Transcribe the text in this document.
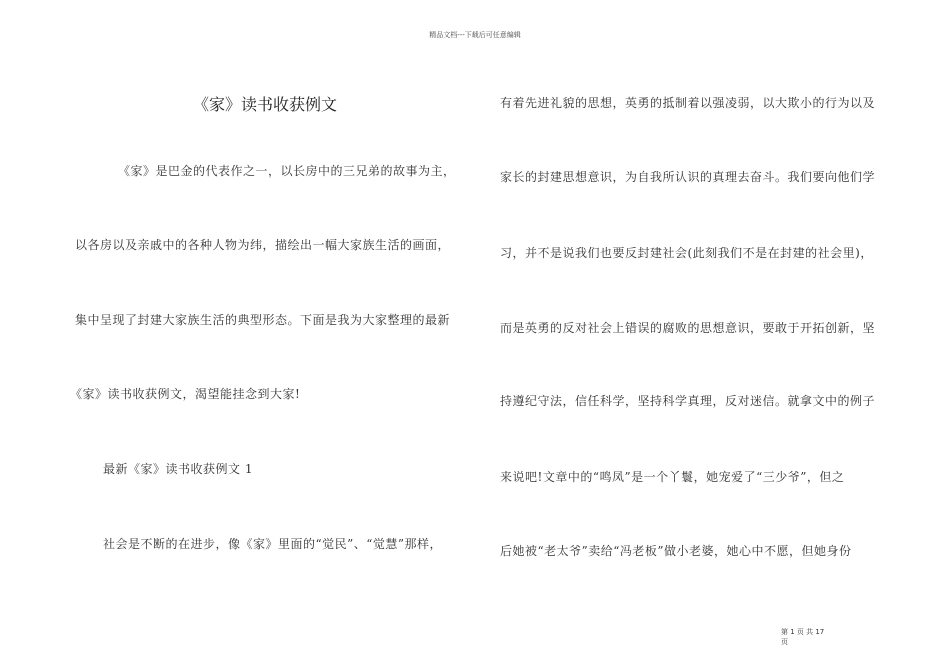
精品文档---下载后可任意编辑
《家》读书收获例文
《家》是巴金的代表作之一，以长房中的三兄弟的故事为主，
以各房以及亲戚中的各种人物为纬，描绘出一幅大家族生活的画面，
集中呈现了封建大家族生活的典型形态。下面是我为大家整理的最新
《家》读书收获例文，渴望能挂念到大家!
最新《家》读书收获例文 1
社会是不断的在进步，像《家》里面的“觉民”、“觉慧”那样，
有着先进礼貌的思想，英勇的抵制着以强凌弱，以大欺小的行为以及
家长的封建思想意识，为自我所认识的真理去奋斗。我们要向他们学
习，并不是说我们也要反封建社会(此刻我们不是在封建的社会里)，
而是英勇的反对社会上错误的腐败的思想意识，要敢于开拓创新，坚
持遵纪守法，信任科学，坚持科学真理，反对迷信。就拿文中的例子
来说吧!文章中的“鸣凤”是一个丫鬟，她宠爱了“三少爷”，但之
后她被“老太爷”卖给“冯老板”做小老婆，她心中不愿，但她身份
第 1 页 共 17
页
